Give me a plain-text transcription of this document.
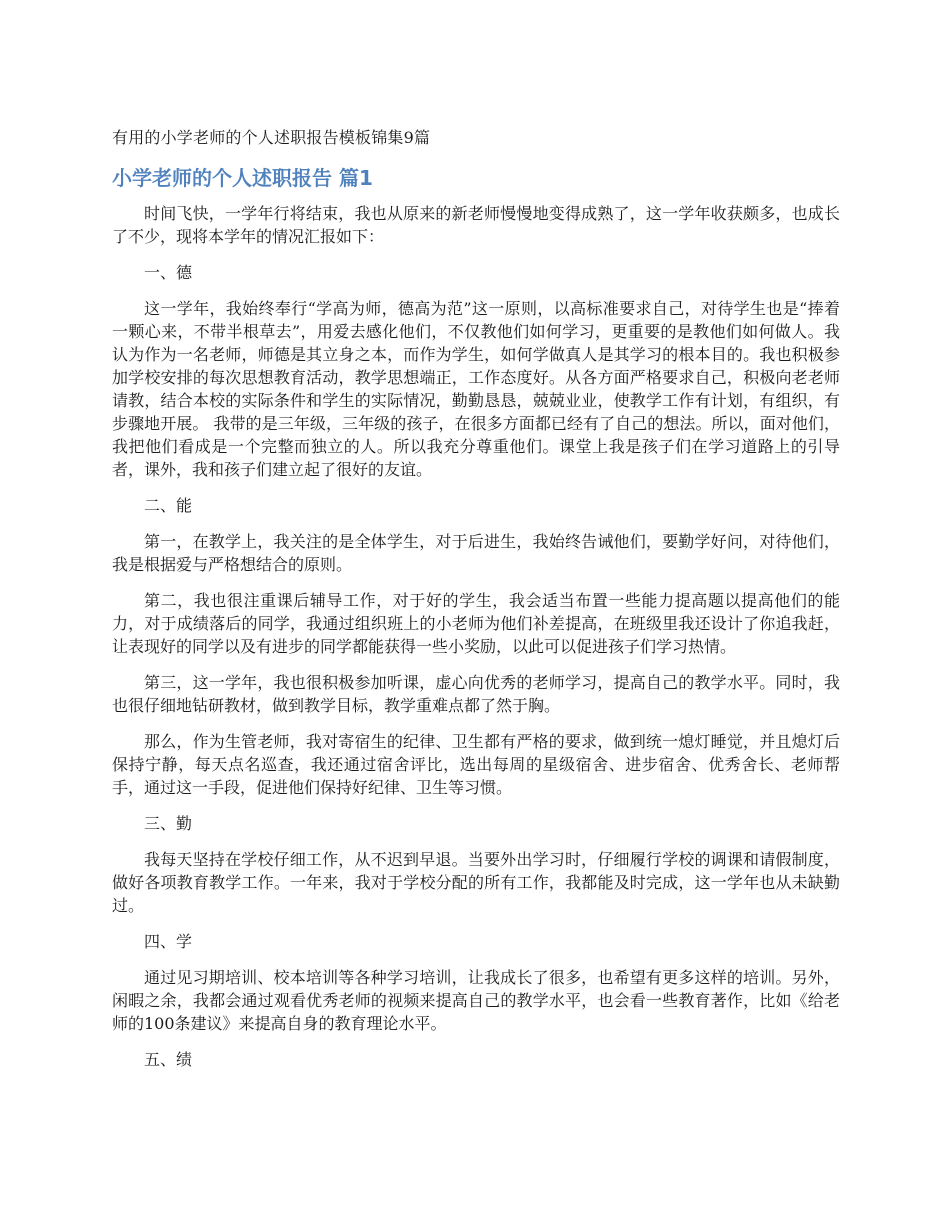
有用的小学老师的个人述职报告模板锦集9篇
小学老师的个人述职报告 篇1

时间飞快，一学年行将结束，我也从原来的新老师慢慢地变得成熟了，这一学年收获颇多，也成长了不少，现将本学年的情况汇报如下：

一、德

这一学年，我始终奉行“学高为师，德高为范”这一原则，以高标准要求自己，对待学生也是“捧着一颗心来，不带半根草去”，用爱去感化他们，不仅教他们如何学习，更重要的是教他们如何做人。我认为作为一名老师，师德是其立身之本，而作为学生，如何学做真人是其学习的根本目的。我也积极参加学校安排的每次思想教育活动，教学思想端正，工作态度好。从各方面严格要求自己，积极向老老师请教，结合本校的实际条件和学生的实际情况，勤勤恳恳，兢兢业业，使教学工作有计划，有组织，有步骤地开展。 我带的是三年级，三年级的孩子，在很多方面都已经有了自己的想法。所以，面对他们，我把他们看成是一个完整而独立的人。所以我充分尊重他们。课堂上我是孩子们在学习道路上的引导者，课外，我和孩子们建立起了很好的友谊。

二、能

第一，在教学上，我关注的是全体学生，对于后进生，我始终告诫他们，要勤学好问，对待他们，我是根据爱与严格想结合的原则。

第二，我也很注重课后辅导工作，对于好的学生，我会适当布置一些能力提高题以提高他们的能力，对于成绩落后的同学，我通过组织班上的小老师为他们补差提高，在班级里我还设计了你追我赶，让表现好的同学以及有进步的同学都能获得一些小奖励，以此可以促进孩子们学习热情。

第三，这一学年，我也很积极参加听课，虚心向优秀的老师学习，提高自己的教学水平。同时，我也很仔细地钻研教材，做到教学目标，教学重难点都了然于胸。

那么，作为生管老师，我对寄宿生的纪律、卫生都有严格的要求，做到统一熄灯睡觉，并且熄灯后保持宁静，每天点名巡查，我还通过宿舍评比，选出每周的星级宿舍、进步宿舍、优秀舍长、老师帮手，通过这一手段，促进他们保持好纪律、卫生等习惯。

三、勤

我每天坚持在学校仔细工作，从不迟到早退。当要外出学习时，仔细履行学校的调课和请假制度，做好各项教育教学工作。一年来，我对于学校分配的所有工作，我都能及时完成，这一学年也从未缺勤过。

四、学

通过见习期培训、校本培训等各种学习培训，让我成长了很多，也希望有更多这样的培训。另外，闲暇之余，我都会通过观看优秀老师的视频来提高自己的教学水平，也会看一些教育著作，比如《给老师的100条建议》来提高自身的教育理论水平。

五、绩
